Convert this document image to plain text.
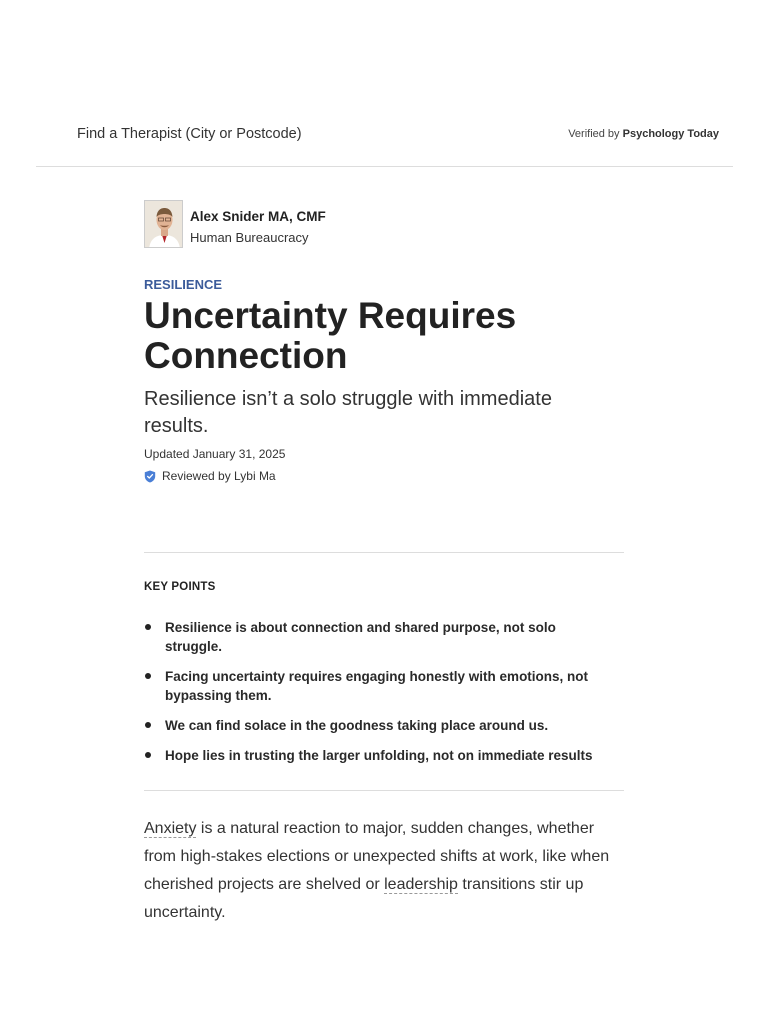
Find a Therapist (City or Postcode)	Verified by Psychology Today
Alex Snider MA, CMF
Human Bureaucracy
RESILIENCE
Uncertainty Requires Connection

Resilience isn’t a solo struggle with immediate results.

Updated January 31, 2025
Reviewed by Lybi Ma
KEY POINTS
Resilience is about connection and shared purpose, not solo struggle.
Facing uncertainty requires engaging honestly with emotions, not bypassing them.
We can find solace in the goodness taking place around us.
Hope lies in trusting the larger unfolding, not on immediate results

Anxiety is a natural reaction to major, sudden changes, whether from high-stakes elections or unexpected shifts at work, like when cherished projects are shelved or leadership transitions stir up uncertainty.
